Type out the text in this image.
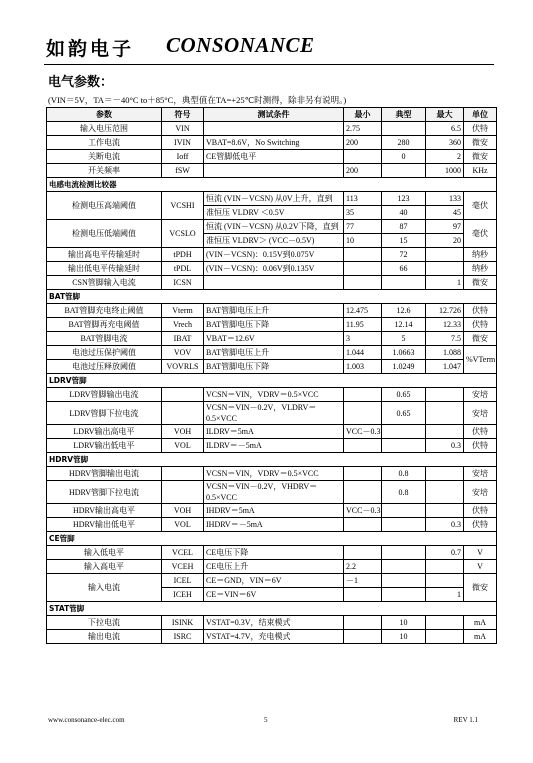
如韵电子 CONSONANCE
电气参数：
(VIN＝5V，TA＝－40°C to＋85°C，典型值在TA=+25℃时测得，除非另有说明。)
参数	符号	测试条件	最小	典型	最大	单位
输入电压范围	VIN		2.75		6.5	伏特
工作电流	IVIN	VBAT=8.6V，No Switching	200	280	360	微安
关断电流	Ioff	CE管脚低电平		0	2	微安
开关频率	fSW		200		1000	KHz
电感电流检测比较器						
检测电压高端阈值	VCSHI	恒流 (VIN－VCSN) 从0V上升，直到	113	123	133	毫伏
		准恒压 VLDRV ＜0.5V	35	40	45	
检测电压低端阈值	VCSLO	恒流 (VIN－VCSN) 从0.2V下降，直到	77	87	97	毫伏
		准恒压 VLDRV＞ (VCC－0.5V)	10	15	20	
输出高电平传输延时	tPDH	(VIN－VCSN)：0.15V到0.075V		72		纳秒
输出低电平传输延时	tPDL	(VIN－VCSN)：0.06V到0.135V		66		纳秒
CSN管脚输入电流	ICSN				1	微安
BAT管脚						
BAT管脚充电终止阈值	Vterm	BAT管脚电压上升	12.475	12.6	12.726	伏特
BAT管脚再充电阈值	Vrech	BAT管脚电压下降	11.95	12.14	12.33	伏特
BAT管脚电流	IBAT	VBAT＝12.6V	3	5	7.5	微安
电池过压保护阈值	VOV	BAT管脚电压上升	1.044	1.0663	1.088	%VTerm
电池过压释放阈值	VOVRLS	BAT管脚电压下降	1.003	1.0249	1.047	
LDRV管脚						
LDRV管脚输出电流		VCSN＝VIN，VDRV＝0.5×VCC		0.65		安培
LDRV管脚下拉电流		VCSN＝VIN－0.2V，VLDRV＝0.5×VCC		0.65		安培
LDRV输出高电平	VOH	ILDRV＝5mA	VCC－0.3			伏特
LDRV输出低电平	VOL	ILDRV＝－5mA			0.3	伏特
HDRV管脚						
HDRV管脚输出电流		VCSN＝VIN，VDRV＝0.5×VCC		0.8		安培
HDRV管脚下拉电流		VCSN＝VIN－0.2V，VHDRV＝0.5×VCC		0.8		安培
HDRV输出高电平	VOH	IHDRV＝5mA	VCC－0.3			伏特
HDRV输出低电平	VOL	IHDRV＝－5mA			0.3	伏特
CE管脚						
输入低电平	VCEL	CE电压下降			0.7	V
输入高电平	VCEH	CE电压上升	2.2			V
输入电流	ICEL	CE＝GND，VIN＝6V	－1			微安
	ICEH	CE＝VIN＝6V			1	
STAT管脚						
下拉电流	ISINK	VSTAT=0.3V，结束模式		10		mA
输出电流	ISRC	VSTAT=4.7V，充电模式		10		mA
www.consonance-elec.com	5	REV 1.1
